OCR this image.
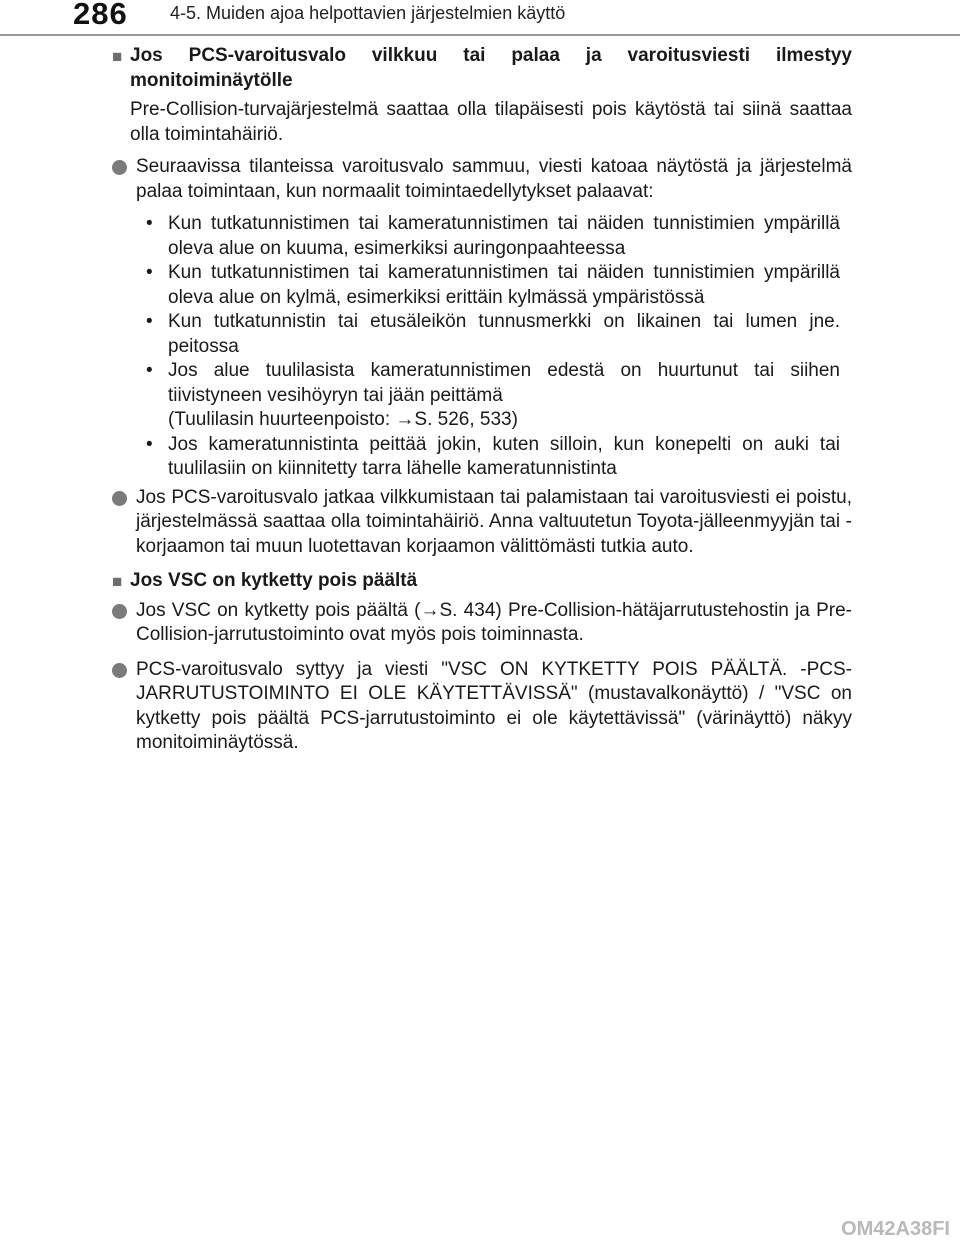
286 4-5. Muiden ajoa helpottavien järjestelmien käyttö
■ Jos PCS-varoitusvalo vilkkuu tai palaa ja varoitusviesti ilmestyy monitoiminäytölle
Pre-Collision-turvajärjestelmä saattaa olla tilapäisesti pois käytöstä tai siinä saattaa olla toimintahäiriö.
Seuraavissa tilanteissa varoitusvalo sammuu, viesti katoaa näytöstä ja järjestelmä palaa toimintaan, kun normaalit toimintaedellytykset palaavat:
• Kun tutkatunnistimen tai kameratunnistimen tai näiden tunnistimien ympärillä oleva alue on kuuma, esimerkiksi auringonpaahteessa
• Kun tutkatunnistimen tai kameratunnistimen tai näiden tunnistimien ympärillä oleva alue on kylmä, esimerkiksi erittäin kylmässä ympäristössä
• Kun tutkatunnistin tai etusäleikön tunnusmerkki on likainen tai lumen jne. peitossa
• Jos alue tuulilasista kameratunnistimen edestä on huurtunut tai siihen tiivistyneen vesihöyryn tai jään peittämä
(Tuulilasin huurteenpoisto: →S. 526, 533)
• Jos kameratunnistinta peittää jokin, kuten silloin, kun konepelti on auki tai tuulilasiin on kiinnitetty tarra lähelle kameratunnistinta
Jos PCS-varoitusvalo jatkaa vilkkumistaan tai palamistaan tai varoitusviesti ei poistu, järjestelmässä saattaa olla toimintahäiriö. Anna valtuutetun Toyota-jälleenmyyjän tai -korjaamon tai muun luotettavan korjaamon välittömästi tutkia auto.
■ Jos VSC on kytketty pois päältä
Jos VSC on kytketty pois päältä (→S. 434) Pre-Collision-hätäjarrutustehostin ja Pre-Collision-jarrutustoiminto ovat myös pois toiminnasta.
PCS-varoitusvalo syttyy ja viesti "VSC ON KYTKETTY POIS PÄÄLTÄ. -PCS-JARRUTUSTOIMINTO EI OLE KÄYTETTÄVISSÄ" (mustavalkonäyttö) / "VSC on kytketty pois päältä PCS-jarrutustoiminto ei ole käytettävissä" (värinäyttö) näkyy monitoiminäytössä.
OM42A38FI
